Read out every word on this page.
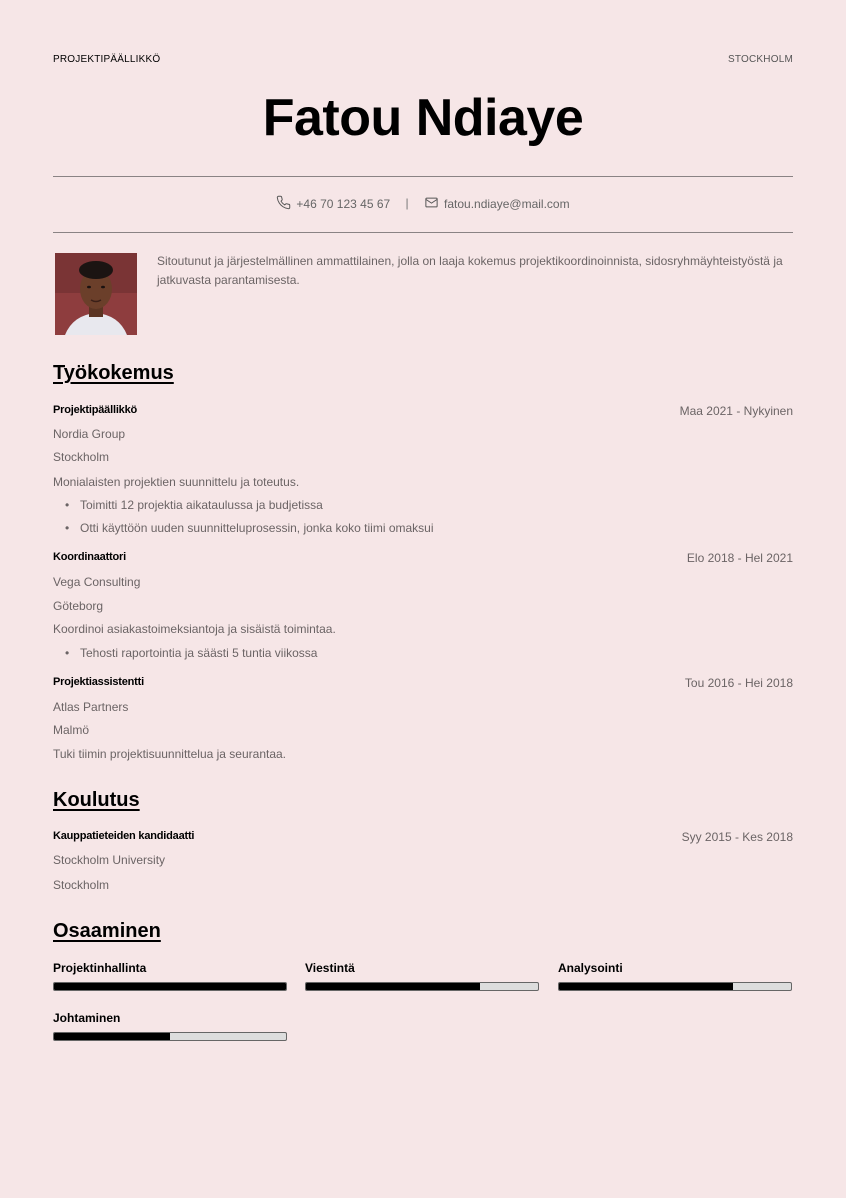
PROJEKTIPÄÄLLIKKÖ	STOCKHOLM
Fatou Ndiaye
+46 70 123 45 67 |	fatou.ndiaye@mail.com
Sitoutunut ja järjestelmällinen ammattilainen, jolla on laaja kokemus projektikoordinoinnista, sidosryhmäyhteistyöstä ja jatkuvasta parantamisesta.
Työkokemus
Projektipäällikkö	Maa 2021 - Nykyinen
Nordia Group
Stockholm
Monialaisten projektien suunnittelu ja toteutus.
• Toimitti 12 projektia aikataulussa ja budjetissa
• Otti käyttöön uuden suunnitteluprosessin, jonka koko tiimi omaksui
Koordinaattori	Elo 2018 - Hel 2021
Vega Consulting
Göteborg
Koordinoi asiakastoimeksiantoja ja sisäistä toimintaa.
• Tehosti raportointia ja säästi 5 tuntia viikossa
Projektiassistentti	Tou 2016 - Hei 2018
Atlas Partners
Malmö
Tuki tiimin projektisuunnittelua ja seurantaa.
Koulutus
Kauppatieteiden kandidaatti	Syy 2015 - Kes 2018
Stockholm University
Stockholm
Osaaminen
Projektinhallinta	Viestintä	Analysointi
Johtaminen
